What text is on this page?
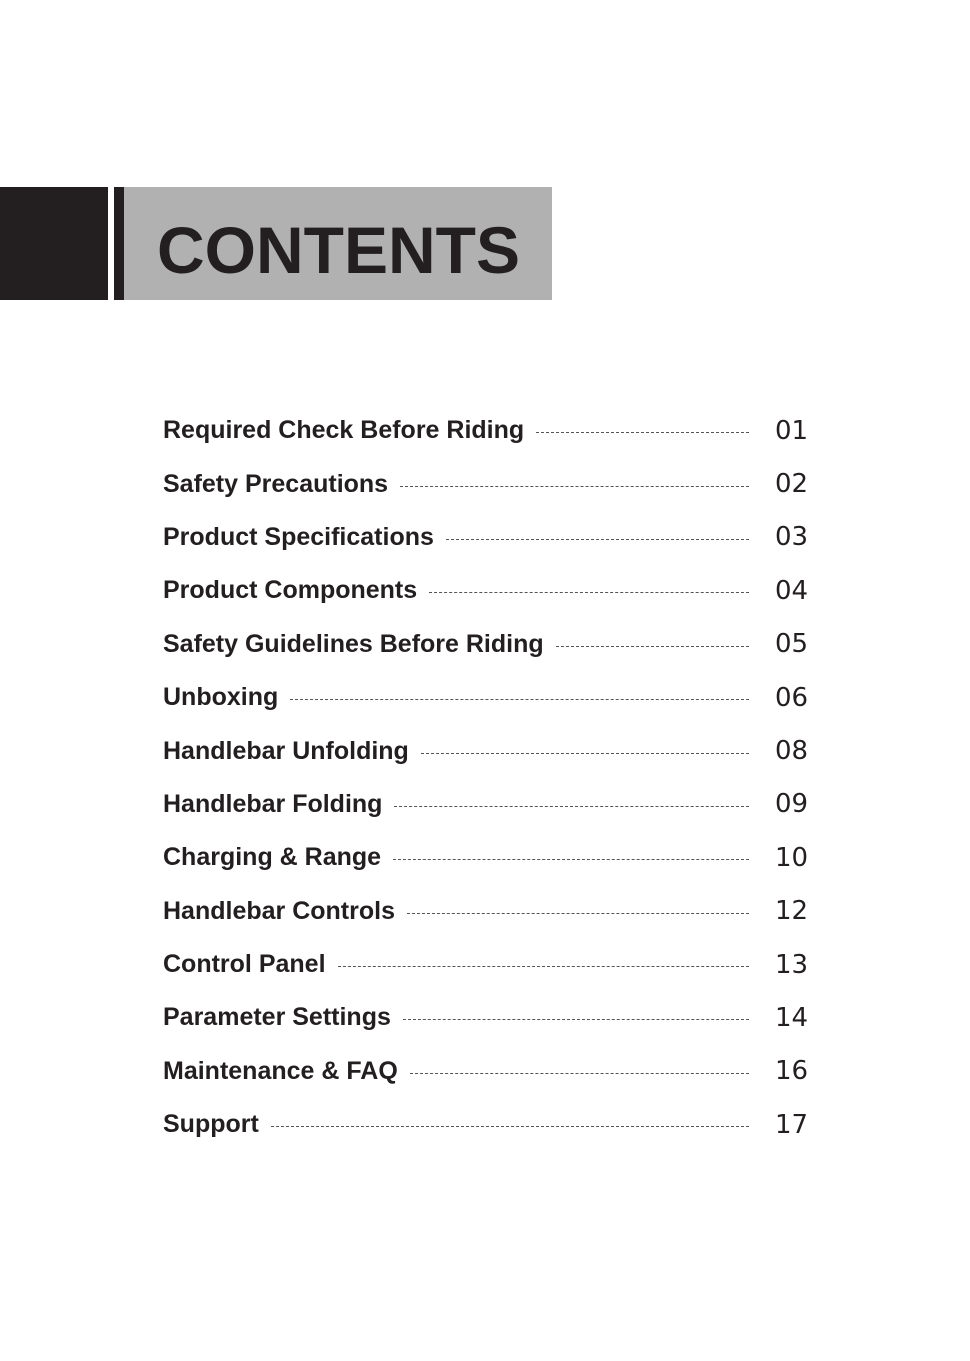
CONTENTS
Required Check Before Riding	01
Safety Precautions	02
Product Specifications	03
Product Components	04
Safety Guidelines Before Riding	05
Unboxing	06
Handlebar Unfolding	08
Handlebar Folding	09
Charging & Range	10
Handlebar Controls	12
Control Panel	13
Parameter Settings	14
Maintenance & FAQ	16
Support	17
